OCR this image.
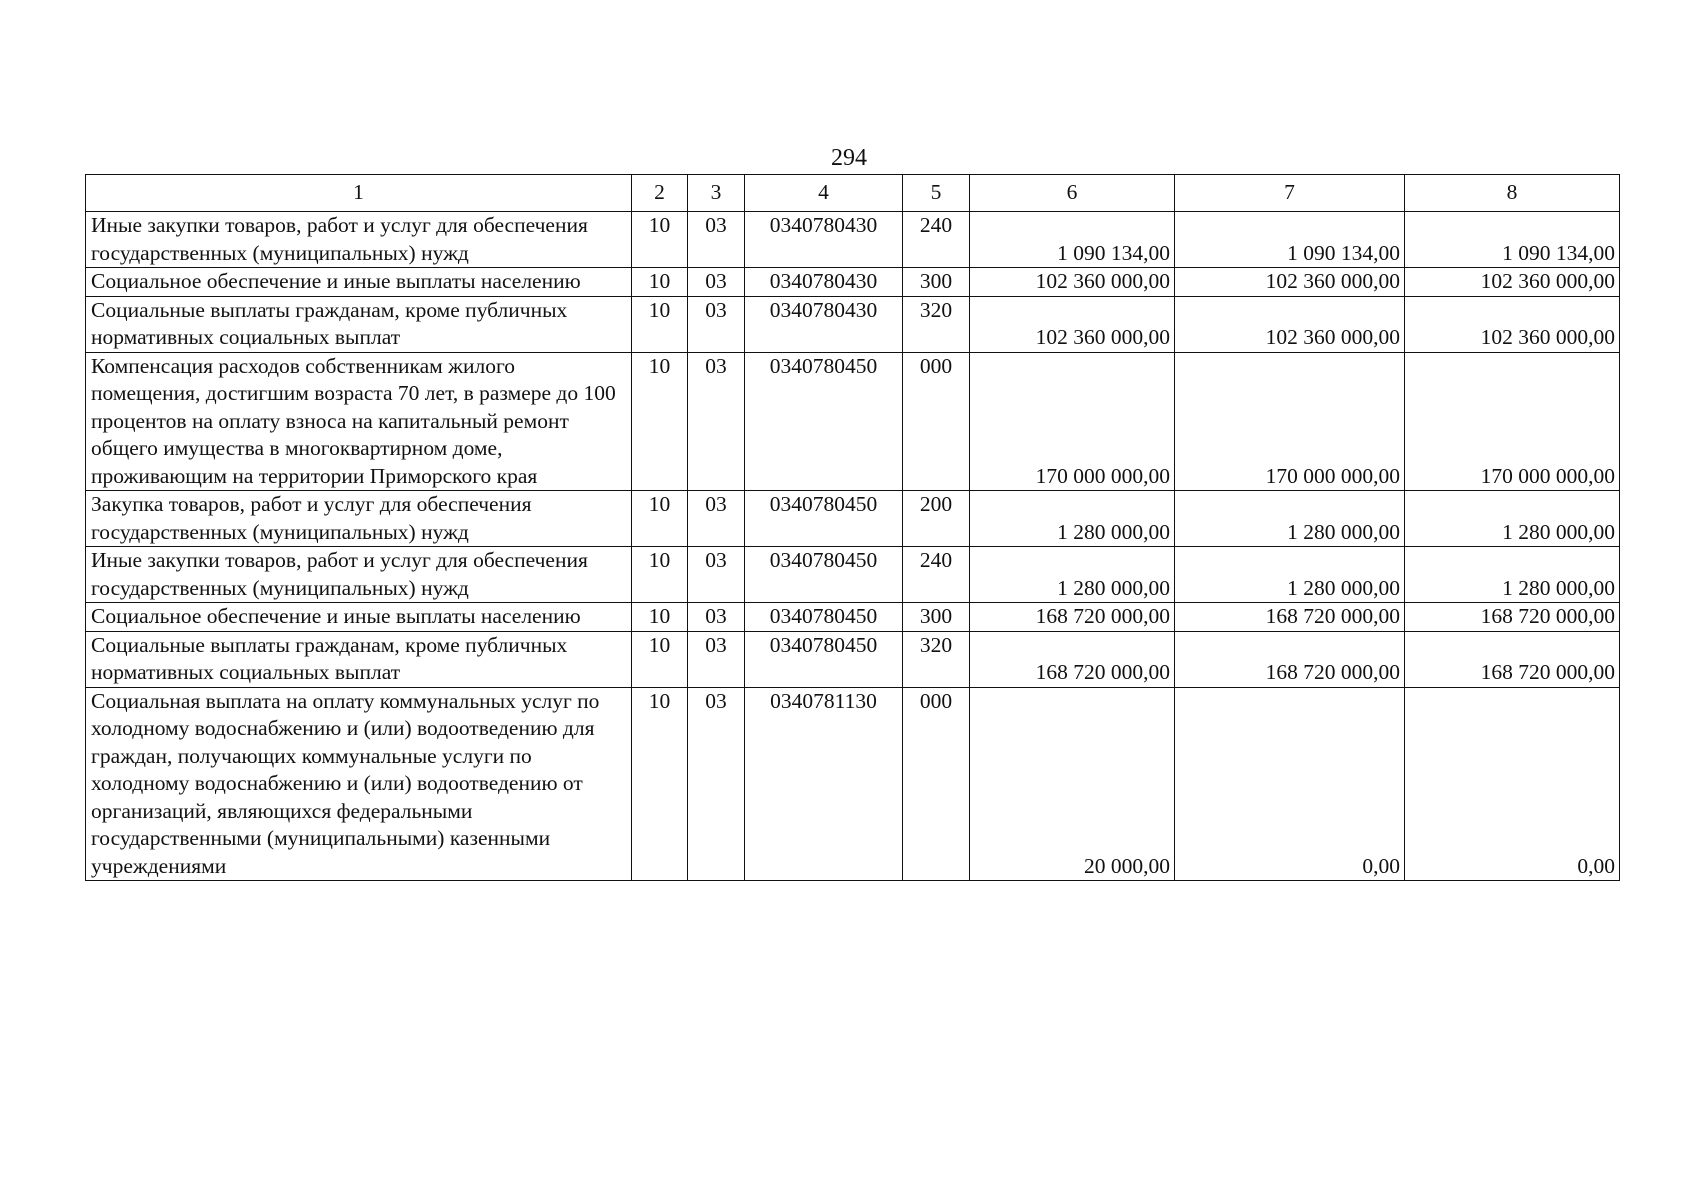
294
1	2	3	4	5	6	7	8
Иные закупки товаров, работ и услуг для обеспечения государственных (муниципальных) нужд	10	03	0340780430	240	1 090 134,00	1 090 134,00	1 090 134,00
Социальное обеспечение и иные выплаты населению	10	03	0340780430	300	102 360 000,00	102 360 000,00	102 360 000,00
Социальные выплаты гражданам, кроме публичных нормативных социальных выплат	10	03	0340780430	320	102 360 000,00	102 360 000,00	102 360 000,00
Компенсация расходов собственникам жилого помещения, достигшим возраста 70 лет, в размере до 100 процентов на оплату взноса на капитальный ремонт общего имущества в многоквартирном доме, проживающим на территории Приморского края	10	03	0340780450	000	170 000 000,00	170 000 000,00	170 000 000,00
Закупка товаров, работ и услуг для обеспечения государственных (муниципальных) нужд	10	03	0340780450	200	1 280 000,00	1 280 000,00	1 280 000,00
Иные закупки товаров, работ и услуг для обеспечения государственных (муниципальных) нужд	10	03	0340780450	240	1 280 000,00	1 280 000,00	1 280 000,00
Социальное обеспечение и иные выплаты населению	10	03	0340780450	300	168 720 000,00	168 720 000,00	168 720 000,00
Социальные выплаты гражданам, кроме публичных нормативных социальных выплат	10	03	0340780450	320	168 720 000,00	168 720 000,00	168 720 000,00
Социальная выплата на оплату коммунальных услуг по холодному водоснабжению и (или) водоотведению для граждан, получающих коммунальные услуги по холодному водоснабжению и (или) водоотведению от организаций, являющихся федеральными государственными (муниципальными) казенными учреждениями	10	03	0340781130	000	20 000,00	0,00	0,00
